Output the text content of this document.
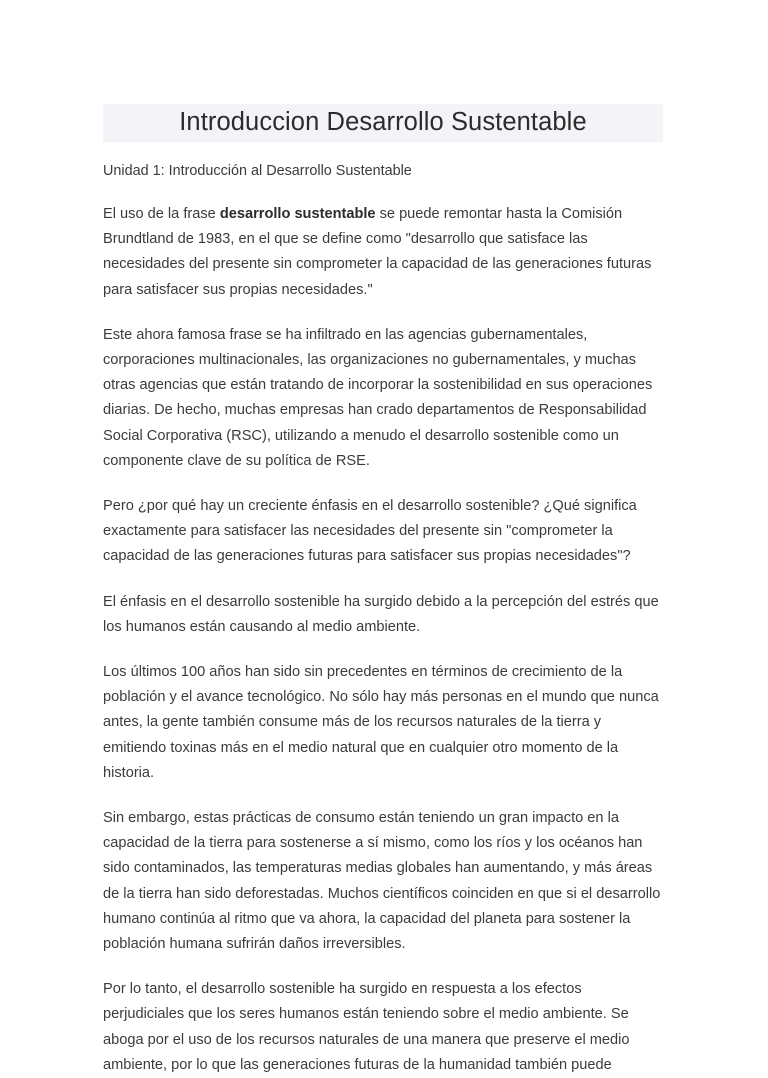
Introduccion Desarrollo Sustentable

Unidad 1: Introducción al Desarrollo Sustentable

El uso de la frase desarrollo sustentable se puede remontar hasta la Comisión Brundtland de 1983, en el que se define como "desarrollo que satisface las necesidades del presente sin comprometer la capacidad de las generaciones futuras para satisfacer sus propias necesidades."

Este ahora famosa frase se ha infiltrado en las agencias gubernamentales, corporaciones multinacionales, las organizaciones no gubernamentales, y muchas otras agencias que están tratando de incorporar la sostenibilidad en sus operaciones diarias. De hecho, muchas empresas han crado departamentos de Responsabilidad Social Corporativa (RSC), utilizando a menudo el desarrollo sostenible como un componente clave de su política de RSE.

Pero ¿por qué hay un creciente énfasis en el desarrollo sostenible? ¿Qué significa exactamente para satisfacer las necesidades del presente sin "comprometer la capacidad de las generaciones futuras para satisfacer sus propias necesidades"?

El énfasis en el desarrollo sostenible ha surgido debido a la percepción del estrés que los humanos están causando al medio ambiente.

Los últimos 100 años han sido sin precedentes en términos de crecimiento de la población y el avance tecnológico. No sólo hay más personas en el mundo que nunca antes, la gente también consume más de los recursos naturales de la tierra y emitiendo toxinas más en el medio natural que en cualquier otro momento de la historia.

Sin embargo, estas prácticas de consumo están teniendo un gran impacto en la capacidad de la tierra para sostenerse a sí mismo, como los ríos y los océanos han sido contaminados, las temperaturas medias globales han aumentando, y más áreas de la tierra han sido deforestadas. Muchos científicos coinciden en que si el desarrollo humano continúa al ritmo que va ahora, la capacidad del planeta para sostener la población humana sufrirán daños irreversibles.

Por lo tanto, el desarrollo sostenible ha surgido en respuesta a los efectos perjudiciales que los seres humanos están teniendo sobre el medio ambiente. Se aboga por el uso de los recursos naturales de una manera que preserve el medio ambiente, por lo que las generaciones futuras de la humanidad también puede
